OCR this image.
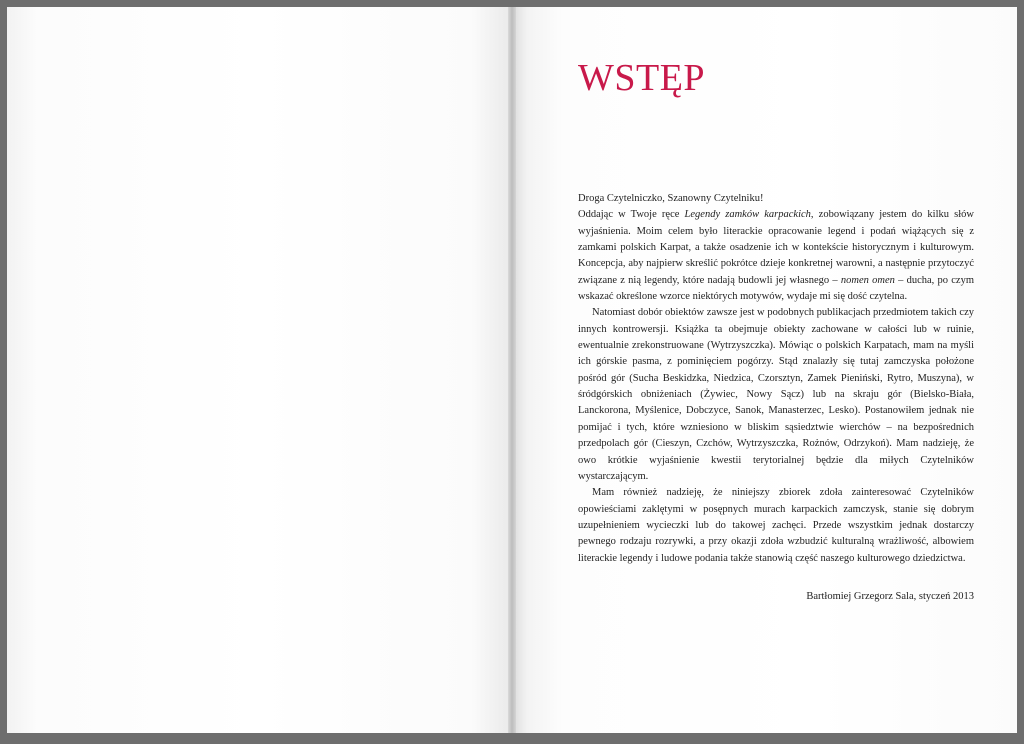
WSTĘP

Droga Czytelniczko, Szanowny Czytelniku!

Oddając w Twoje ręce Legendy zamków karpackich, zobowiązany jestem do kilku słów wyjaśnienia. Moim celem było literackie opracowanie legend i podań wiążących się z zamkami polskich Karpat, a także osadzenie ich w kontekście historycznym i kulturowym. Koncepcja, aby najpierw skreślić pokrótce dzieje konkretnej warowni, a następnie przytoczyć związane z nią legendy, które nadają budowli jej własnego – nomen omen – ducha, po czym wskazać określone wzorce niektórych motywów, wydaje mi się dość czytelna.

Natomiast dobór obiektów zawsze jest w podobnych publikacjach przedmiotem takich czy innych kontrowersji. Książka ta obejmuje obiekty zachowane w całości lub w ruinie, ewentualnie zrekonstruowane (Wytrzyszczka). Mówiąc o polskich Karpatach, mam na myśli ich górskie pasma, z pominięciem pogórzy. Stąd znalazły się tutaj zamczyska położone pośród gór (Sucha Beskidzka, Niedzica, Czorsztyn, Zamek Pieniński, Rytro, Muszyna), w śródgórskich obniżeniach (Żywiec, Nowy Sącz) lub na skraju gór (Bielsko-Biała, Lanckorona, Myślenice, Dobczyce, Sanok, Manasterzec, Lesko). Postanowiłem jednak nie pomijać i tych, które wzniesiono w bliskim sąsiedztwie wierchów – na bezpośrednich przedpolach gór (Cieszyn, Czchów, Wytrzyszczka, Rożnów, Odrzykoń). Mam nadzieję, że owo krótkie wyjaśnienie kwestii terytorialnej będzie dla miłych Czytelników wystarczającym.

Mam również nadzieję, że niniejszy zbiorek zdoła zainteresować Czytelników opowieściami zaklętymi w posępnych murach karpackich zamczysk, stanie się dobrym uzupełnieniem wycieczki lub do takowej zachęci. Przede wszystkim jednak dostarczy pewnego rodzaju rozrywki, a przy okazji zdoła wzbudzić kulturalną wrażliwość, albowiem literackie legendy i ludowe podania także stanowią część naszego kulturowego dziedzictwa.

Bartłomiej Grzegorz Sala, styczeń 2013
